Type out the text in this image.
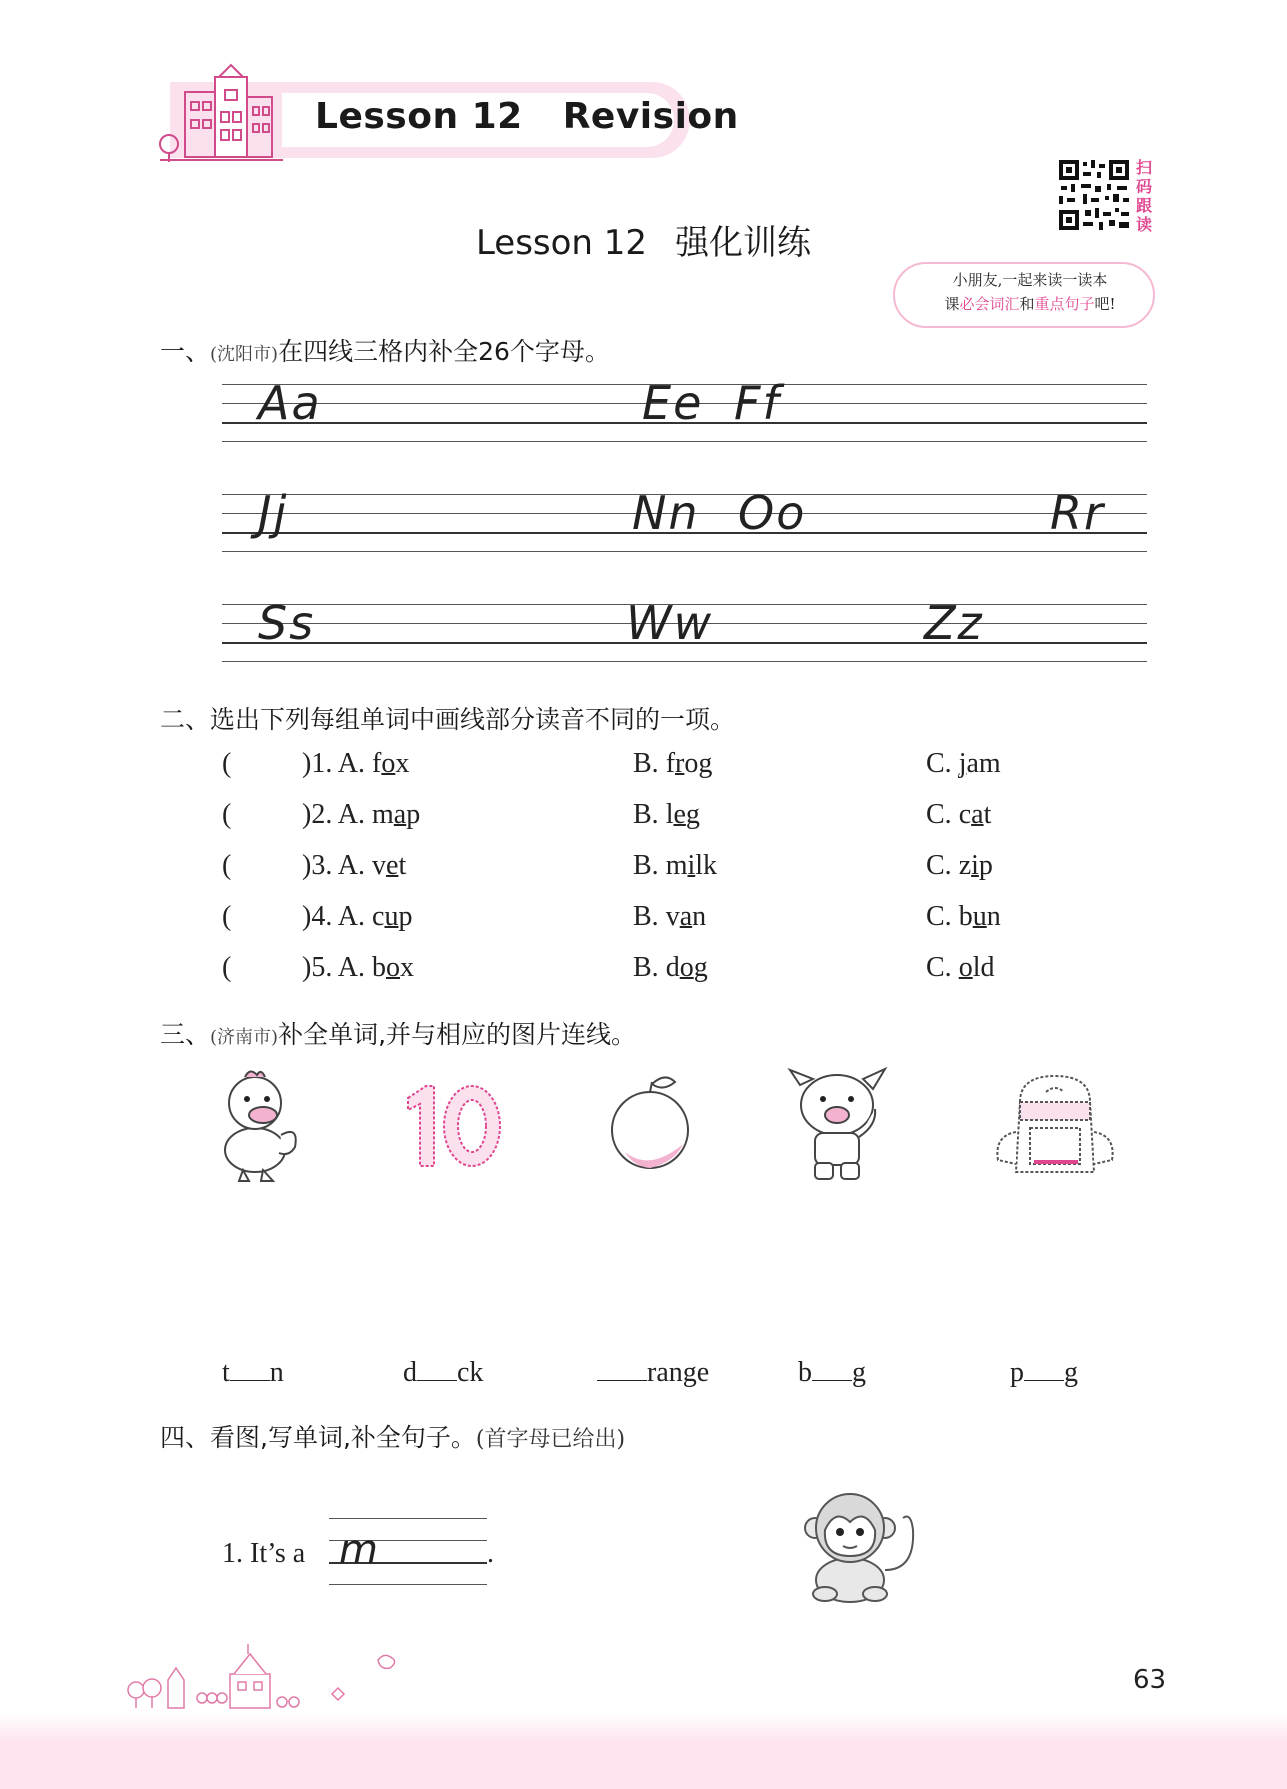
Lesson 12 Revision
扫码跟读
Lesson 12 强化训练
小朋友,一起来读一读本
课必会词汇和重点句子吧!
一、(沈阳市)在四线三格内补全26个字母。
Aa	Ee Ff
Jj	Nn Oo	Rr
Ss	Ww	Zz
二、选出下列每组单词中画线部分读音不同的一项。
(	)1. A. fox	B. frog	C. jam
(	)2. A. map	B. leg	C. cat
(	)3. A. vet	B. milk	C. zip
(	)4. A. cup	B. van	C. bun
(	)5. A. box	B. dog	C. old
三、(济南市)补全单词,并与相应的图片连线。
t n	d ck	range	b g	p g
四、看图,写单词,补全句子。(首字母已给出)
m
1. It’s a	.
63
